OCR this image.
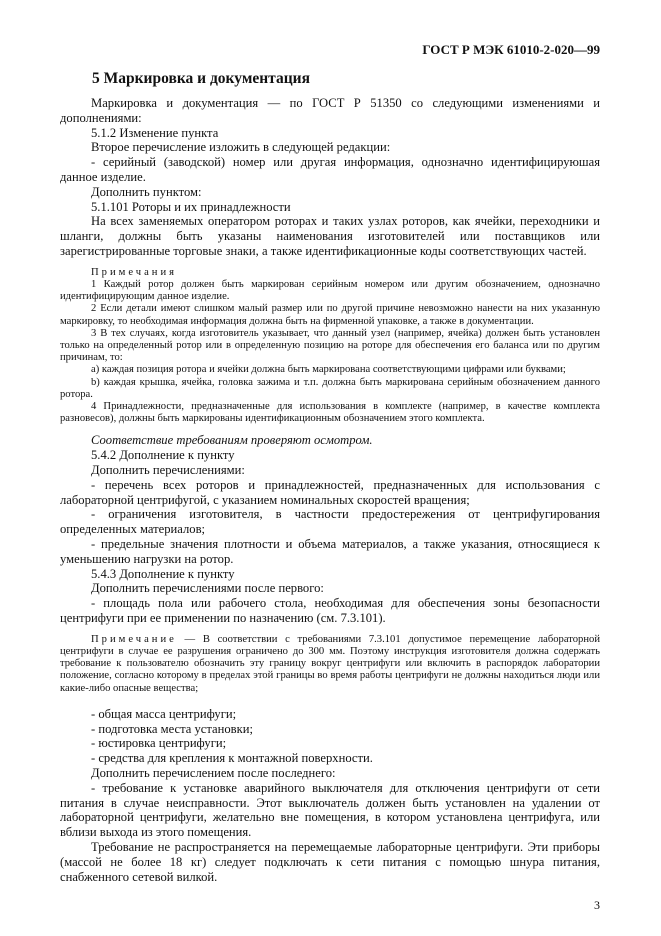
ГОСТ Р МЭК 61010-2-020—99

5 Маркировка и документация

Маркировка и документация — по ГОСТ Р 51350 со следующими изменениями и дополнениями:

5.1.2 Изменение пункта

Второе перечисление изложить в следующей редакции:

- серийный (заводской) номер или другая информация, однозначно идентифицируюшая данное изделие.

Дополнить пунктом:

5.1.101 Роторы и их принадлежности

На всех заменяемых оператором роторах и таких узлах роторов, как ячейки, переходники и шланги, должны быть указаны наименования изготовителей или поставщиков или зарегистрированные торговые знаки, а также идентификационные коды соответствующих частей.

Примечания

1 Каждый ротор должен быть маркирован серийным номером или другим обозначением, однозначно идентифицирующим данное изделие.

2 Если детали имеют слишком малый размер или по другой причине невозможно нанести на них указанную маркировку, то необходимая информация должна быть на фирменной упаковке, а также в документации.

3 В тех случаях, когда изготовитель указывает, что данный узел (например, ячейка) должен быть установлен только на определенный ротор или в определенную позицию на роторе для обеспечения его баланса или по другим причинам, то:

а) каждая позиция ротора и ячейки должна быть маркирована соответствующими цифрами или буквами;

b) каждая крышка, ячейка, головка зажима и т.п. должна быть маркирована серийным обозначением данного ротора.

4 Принадлежности, предназначенные для использования в комплекте (например, в качестве комплекта разновесов), должны быть маркированы идентификационным обозначением этого комплекта.

Соответствие требованиям проверяют осмотром.

5.4.2 Дополнение к пункту

Дополнить перечислениями:

- перечень всех роторов и принадлежностей, предназначенных для использования с лабораторной центрифугой, с указанием номинальных скоростей вращения;

- ограничения изготовителя, в частности предостережения от центрифугирования определенных материалов;

- предельные значения плотности и объема материалов, а также указания, относящиеся к уменьшению нагрузки на ротор.

5.4.3 Дополнение к пункту

Дополнить перечислениями после первого:

- площадь пола или рабочего стола, необходимая для обеспечения зоны безопасности центрифуги при ее применении по назначению (см. 7.3.101).

Примечание — В соответствии с требованиями 7.3.101 допустимое перемещение лабораторной центрифуги в случае ее разрушения ограничено до 300 мм. Поэтому инструкция изготовителя должна содержать требование к пользователю обозначить эту границу вокруг центрифуги или включить в распорядок лаборатории положение, согласно которому в пределах этой границы во время работы центрифуги не должны находиться люди или какие-либо опасные вещества;

- общая масса центрифуги;

- подготовка места установки;

- юстировка центрифуги;

- средства для крепления к монтажной поверхности.

Дополнить перечислением после последнего:

- требование к установке аварийного выключателя для отключения центрифуги от сети питания в случае неисправности. Этот выключатель должен быть установлен на удалении от лабораторной центрифуги, желательно вне помещения, в котором установлена центрифуга, или вблизи выхода из этого помещения.

Требование не распространяется на перемещаемые лабораторные центрифуги. Эти приборы (массой не более 18 кг) следует подключать к сети питания с помощью шнура питания, снабженного сетевой вилкой.

3
